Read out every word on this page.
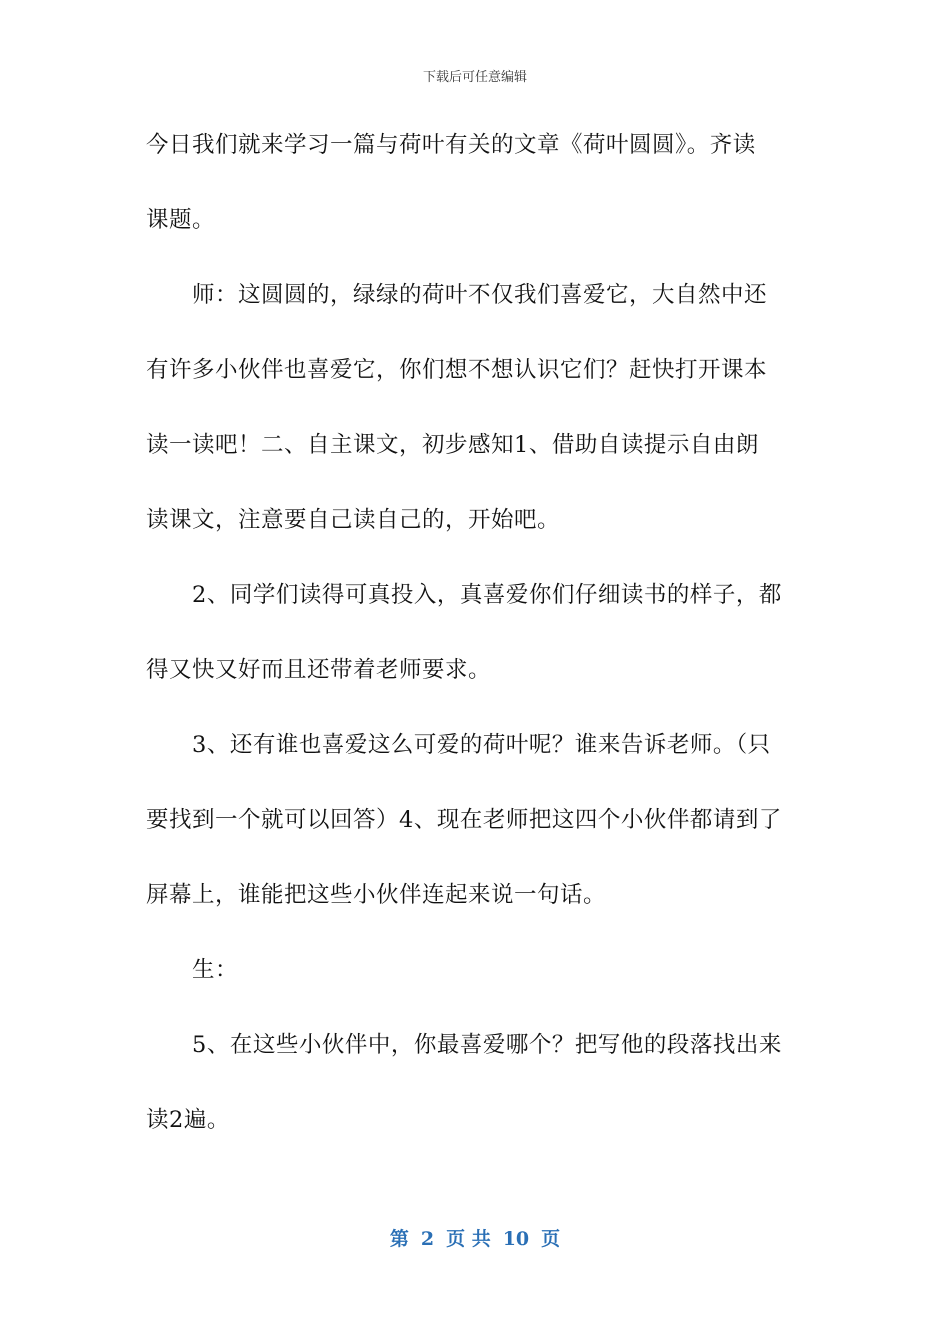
下载后可任意编辑
今日我们就来学习一篇与荷叶有关的文章《荷叶圆圆》。齐读
课题。
师：这圆圆的，绿绿的荷叶不仅我们喜爱它，大自然中还
有许多小伙伴也喜爱它，你们想不想认识它们？赶快打开课本
读一读吧！二、自主课文，初步感知1、借助自读提示自由朗
读课文，注意要自己读自己的，开始吧。
2、同学们读得可真投入，真喜爱你们仔细读书的样子，都
得又快又好而且还带着老师要求。
3、还有谁也喜爱这么可爱的荷叶呢？谁来告诉老师。（只
要找到一个就可以回答）4、现在老师把这四个小伙伴都请到了
屏幕上，谁能把这些小伙伴连起来说一句话。
生：
5、在这些小伙伴中，你最喜爱哪个？把写他的段落找出来
读2遍。
第 2 页 共 10 页
